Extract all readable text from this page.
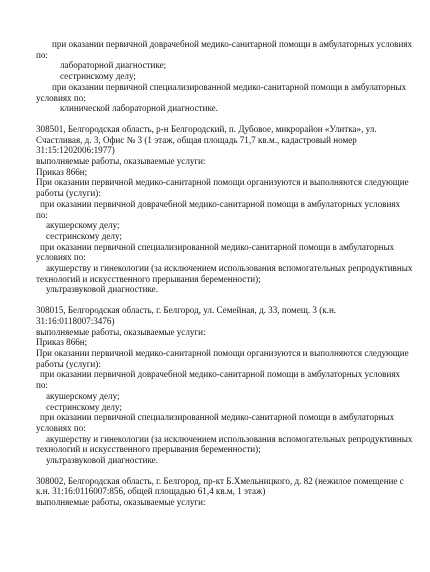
при оказании первичной доврачебной медико-санитарной помощи в амбулаторных условиях
по:
лабораторной диагностике;
сестринскому делу;
при оказании первичной специализированной медико-санитарной помощи в амбулаторных
условиях по:
клинической лабораторной диагностике.
308501, Белгородская область, р-н Белгородский, п. Дубовое, микрорайон «Улитка», ул.
Счастливая, д. 3, Офис № 3 (1 этаж, общая площадь 71,7 кв.м., кадастровый номер
31:15:1202006:1977)
выполняемые работы, оказываемые услуги:
Приказ 866н;
При оказании первичной медико-санитарной помощи организуются и выполняются следующие
работы (услуги):
при оказании первичной доврачебной медико-санитарной помощи в амбулаторных условиях
по:
акушерскому делу;
сестринскому делу;
при оказании первичной специализированной медико-санитарной помощи в амбулаторных
условиях по:
акушерству и гинекологии (за исключением использования вспомогательных репродуктивных
технологий и искусственного прерывания беременности);
ультразвуковой диагностике.
308015, Белгородская область, г. Белгород, ул. Семейная, д. 33, помещ. 3 (к.н.
31:16:0118007:3476)
выполняемые работы, оказываемые услуги:
Приказ 866н;
При оказании первичной медико-санитарной помощи организуются и выполняются следующие
работы (услуги):
при оказании первичной доврачебной медико-санитарной помощи в амбулаторных условиях
по:
акушерскому делу;
сестринскому делу;
при оказании первичной специализированной медико-санитарной помощи в амбулаторных
условиях по:
акушерству и гинекологии (за исключением использования вспомогательных репродуктивных
технологий и искусственного прерывания беременности);
ультразвуковой диагностике.
308002, Белгородская область, г. Белгород, пр-кт Б.Хмельницкого, д. 82 (нежилое помещение с
к.н. 31:16:0116007:856, общей площадью 61,4 кв.м, 1 этаж)
выполняемые работы, оказываемые услуги:
